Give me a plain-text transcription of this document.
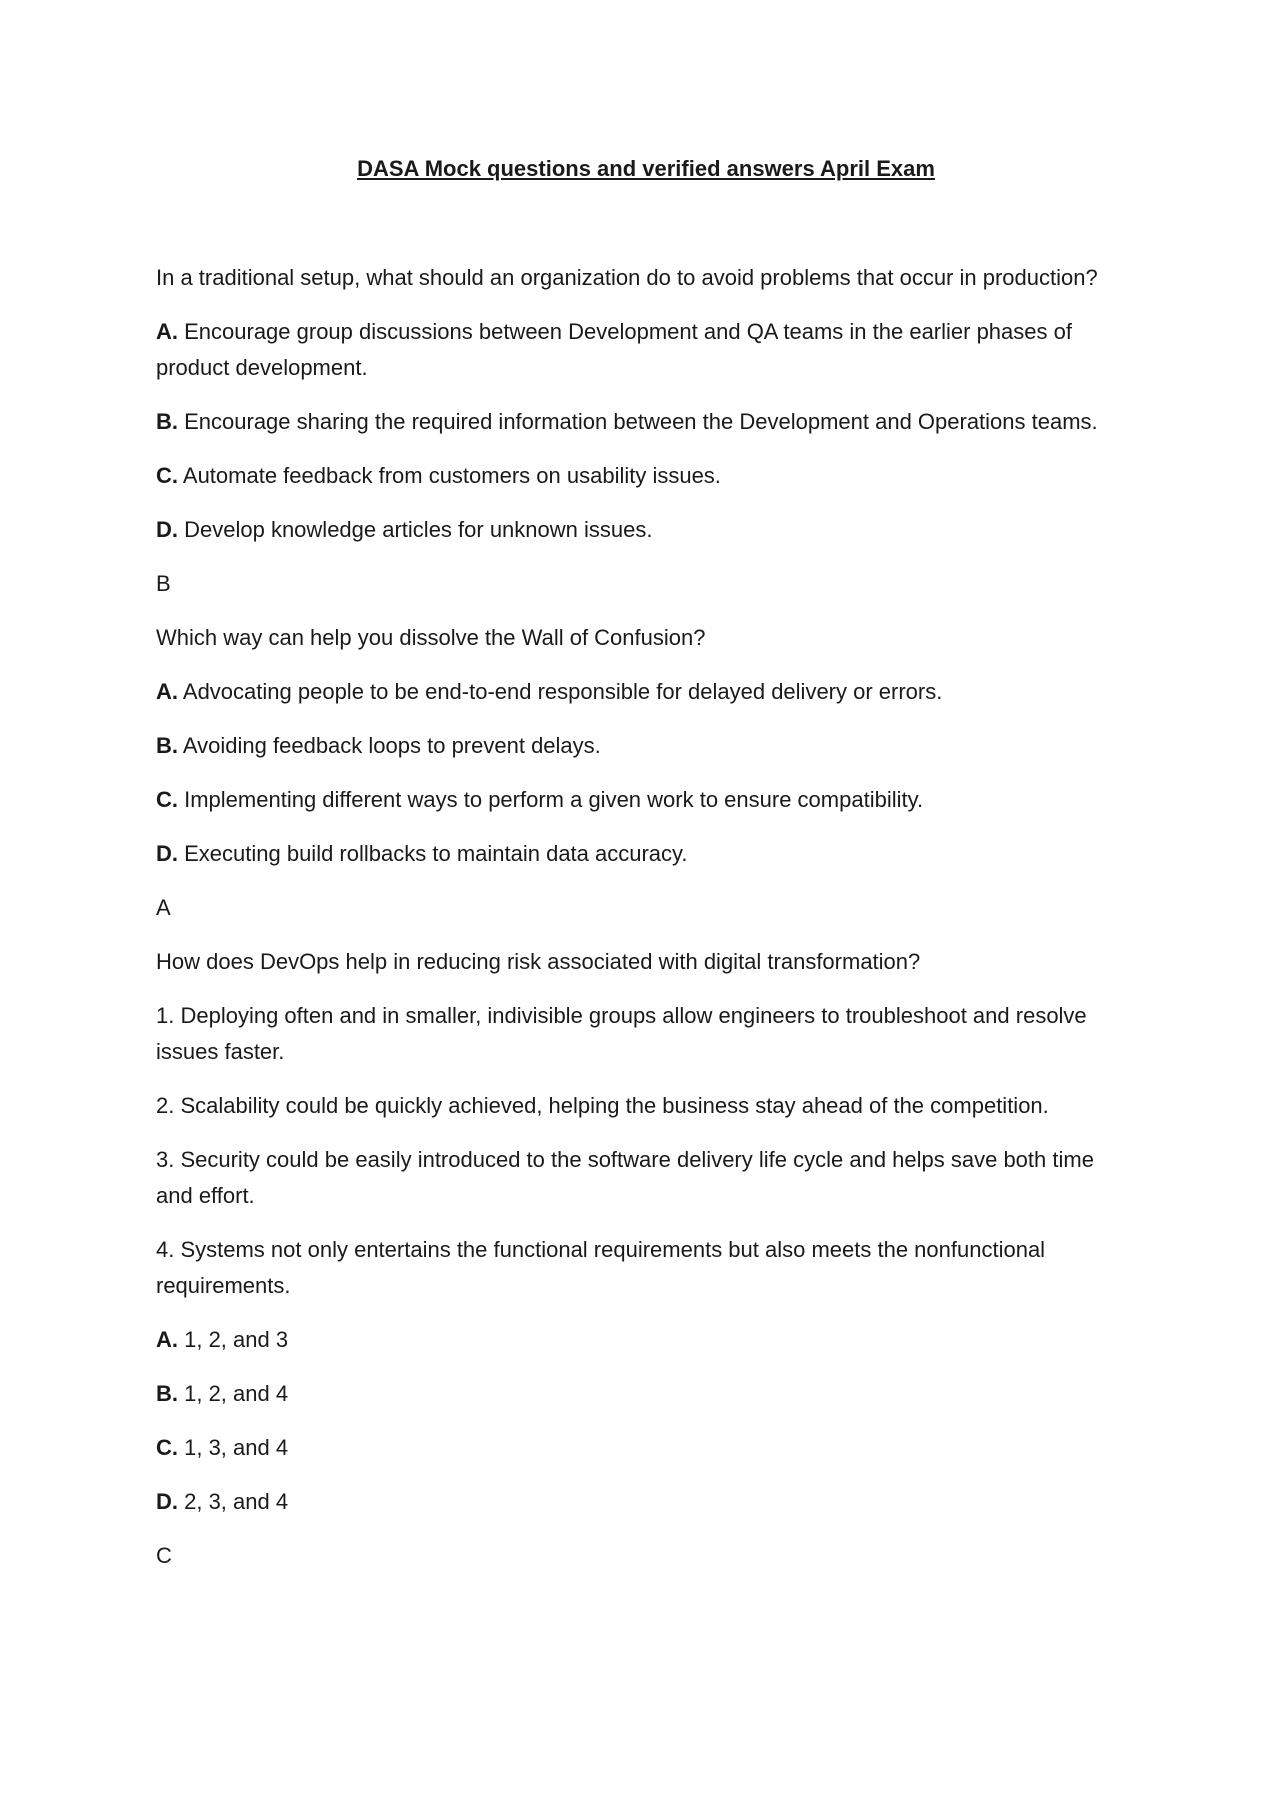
DASA Mock questions and verified answers April Exam
In a traditional setup, what should an organization do to avoid problems that occur in production?
A. Encourage group discussions between Development and QA teams in the earlier phases of product development.
B. Encourage sharing the required information between the Development and Operations teams.
C. Automate feedback from customers on usability issues.
D. Develop knowledge articles for unknown issues.
B
Which way can help you dissolve the Wall of Confusion?
A. Advocating people to be end-to-end responsible for delayed delivery or errors.
B. Avoiding feedback loops to prevent delays.
C. Implementing different ways to perform a given work to ensure compatibility.
D. Executing build rollbacks to maintain data accuracy.
A
How does DevOps help in reducing risk associated with digital transformation?
1. Deploying often and in smaller, indivisible groups allow engineers to troubleshoot and resolve issues faster.
2. Scalability could be quickly achieved, helping the business stay ahead of the competition.
3. Security could be easily introduced to the software delivery life cycle and helps save both time and effort.
4. Systems not only entertains the functional requirements but also meets the nonfunctional requirements.
A. 1, 2, and 3
B. 1, 2, and 4
C. 1, 3, and 4
D. 2, 3, and 4
C
